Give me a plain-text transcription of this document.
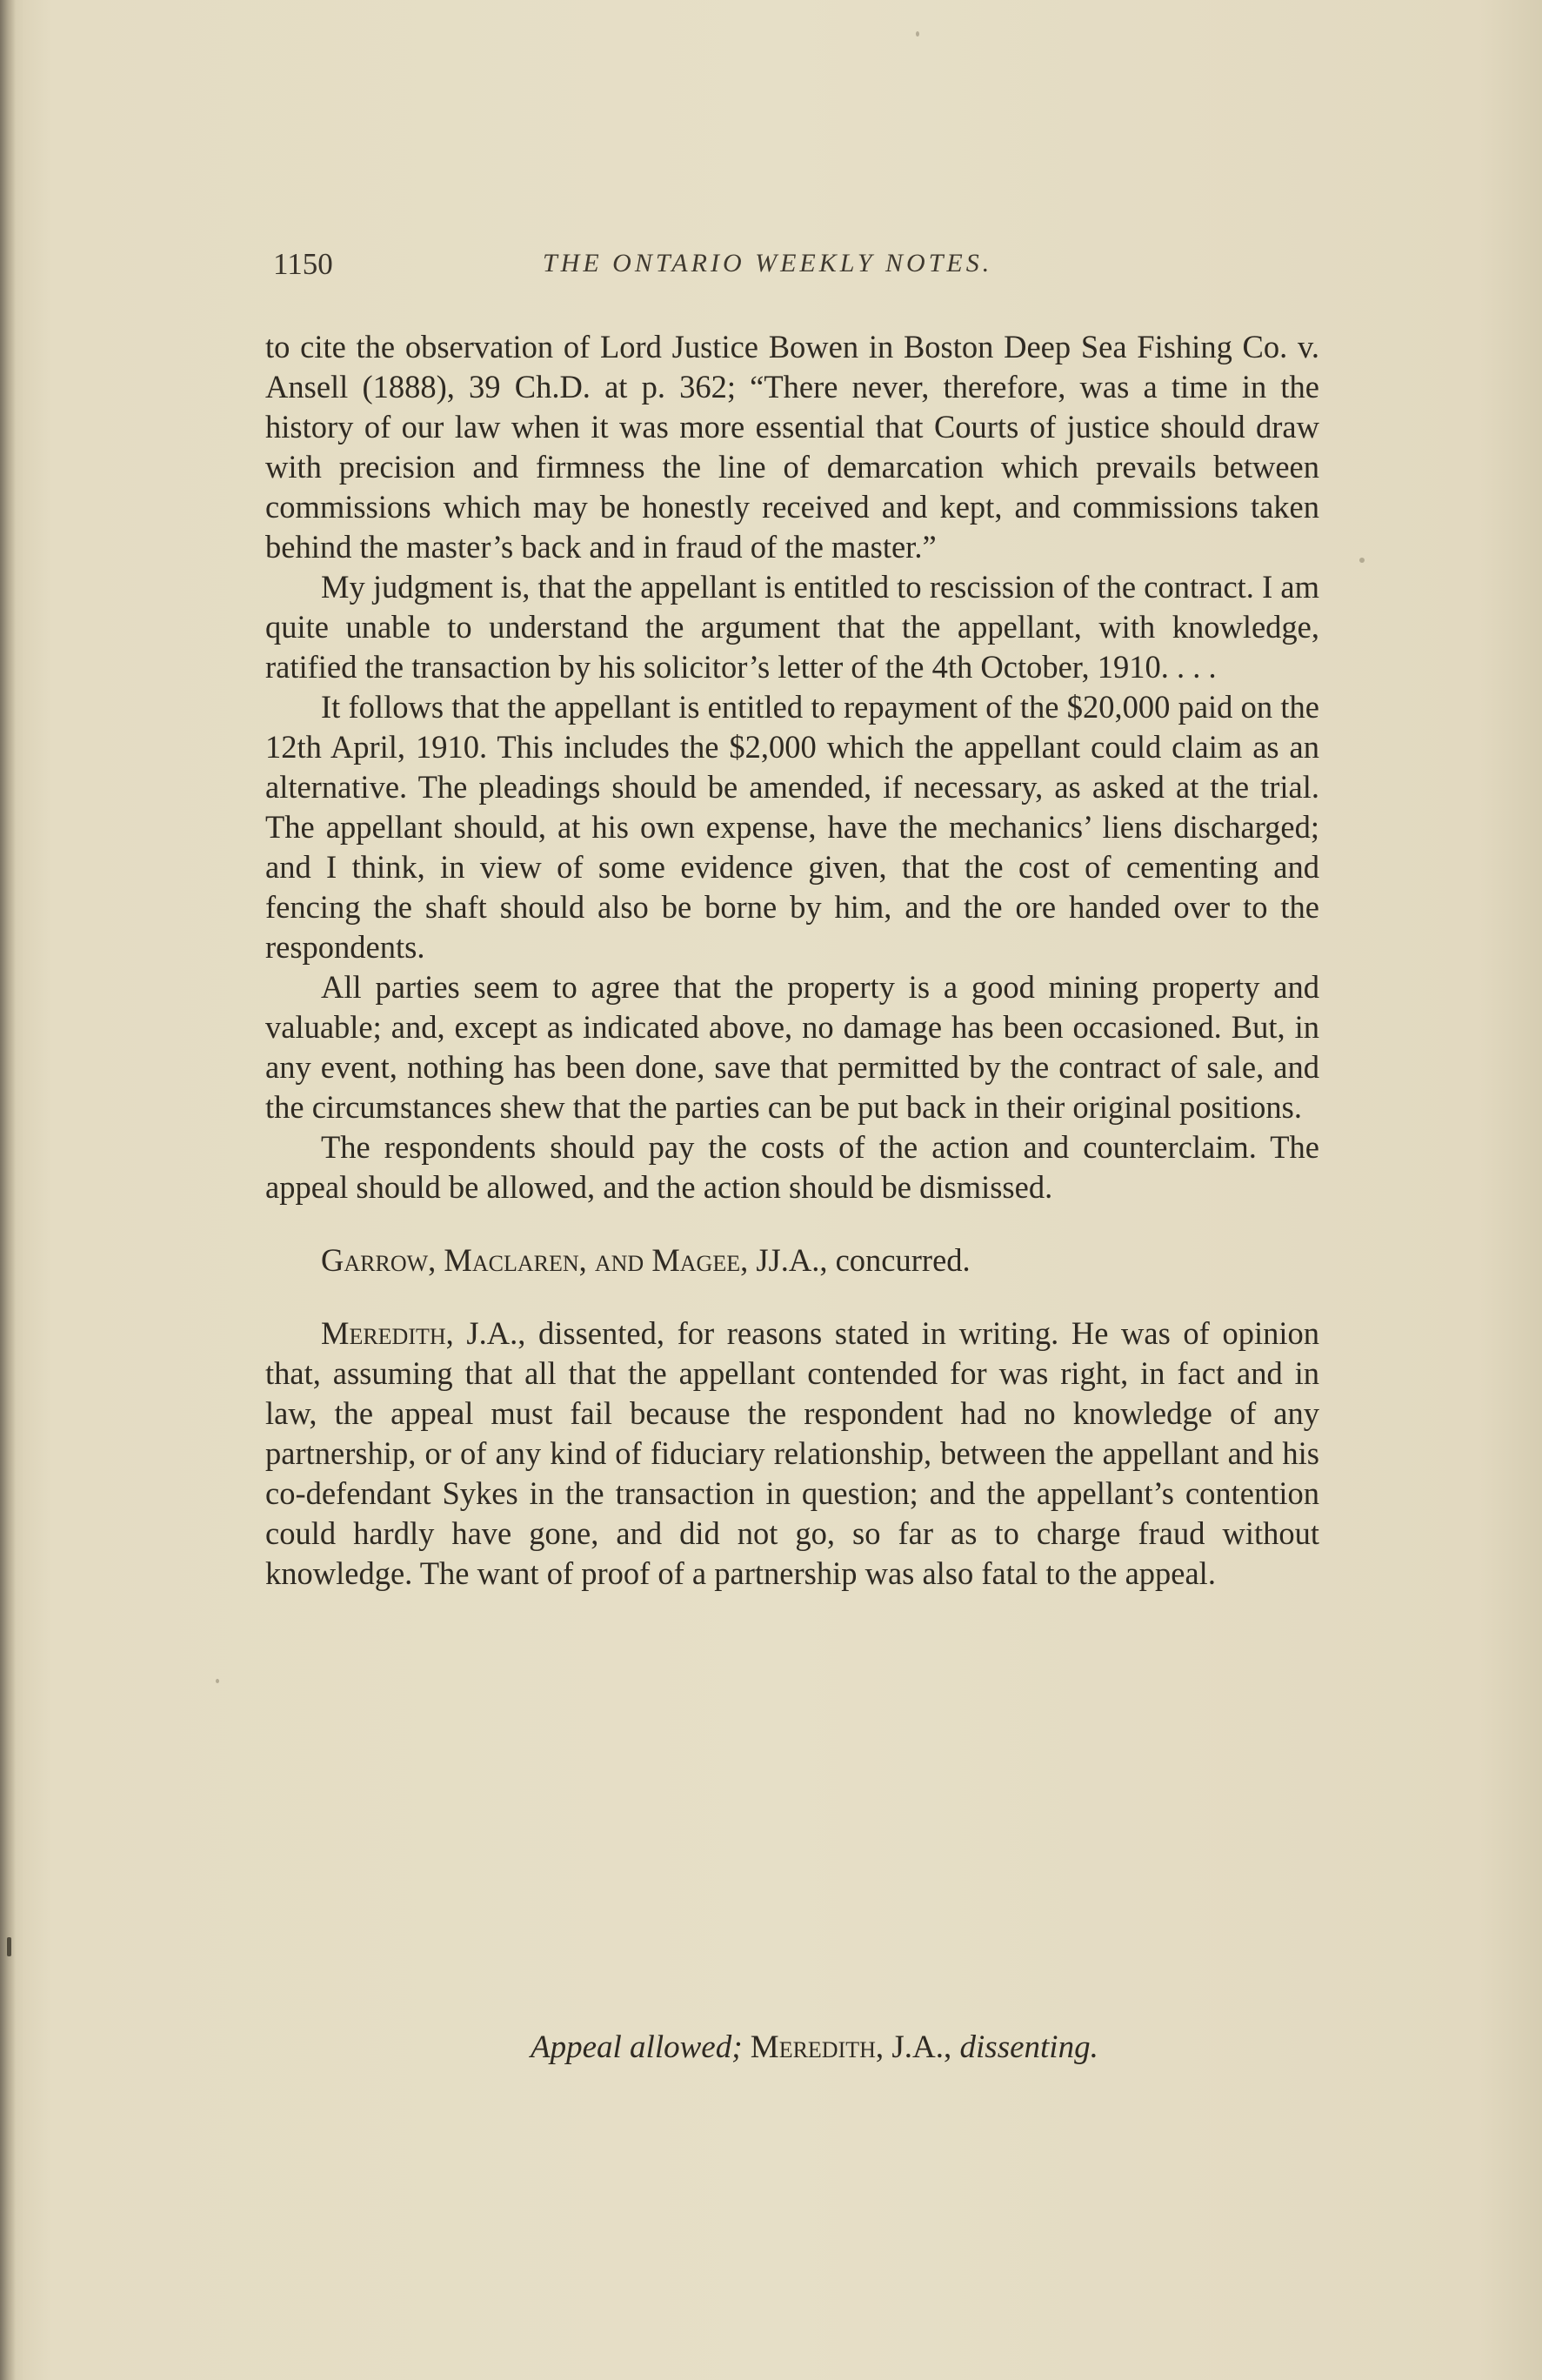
1150	THE ONTARIO WEEKLY NOTES.

to cite the observation of Lord Justice Bowen in Boston Deep Sea Fishing Co. v. Ansell (1888), 39 Ch.D. at p. 362; “There never, therefore, was a time in the history of our law when it was more essential that Courts of justice should draw with precision and firmness the line of demarcation which prevails between commissions which may be honestly received and kept, and commissions taken behind the master’s back and in fraud of the master.”

My judgment is, that the appellant is entitled to rescission of the contract. I am quite unable to understand the argument that the appellant, with knowledge, ratified the transaction by his solicitor’s letter of the 4th October, 1910. . . .

It follows that the appellant is entitled to repayment of the $20,000 paid on the 12th April, 1910. This includes the $2,000 which the appellant could claim as an alternative. The pleadings should be amended, if necessary, as asked at the trial. The appellant should, at his own expense, have the mechanics’ liens discharged; and I think, in view of some evidence given, that the cost of cementing and fencing the shaft should also be borne by him, and the ore handed over to the respondents.

All parties seem to agree that the property is a good mining property and valuable; and, except as indicated above, no damage has been occasioned. But, in any event, nothing has been done, save that permitted by the contract of sale, and the circumstances shew that the parties can be put back in their original positions.

The respondents should pay the costs of the action and counterclaim. The appeal should be allowed, and the action should be dismissed.

Garrow, Maclaren, and Magee, JJ.A., concurred.

Meredith, J.A., dissented, for reasons stated in writing. He was of opinion that, assuming that all that the appellant contended for was right, in fact and in law, the appeal must fail because the respondent had no knowledge of any partnership, or of any kind of fiduciary relationship, between the appellant and his co-defendant Sykes in the transaction in question; and the appellant’s contention could hardly have gone, and did not go, so far as to charge fraud without knowledge. The want of proof of a partnership was also fatal to the appeal.

Appeal allowed; Meredith, J.A., dissenting.
